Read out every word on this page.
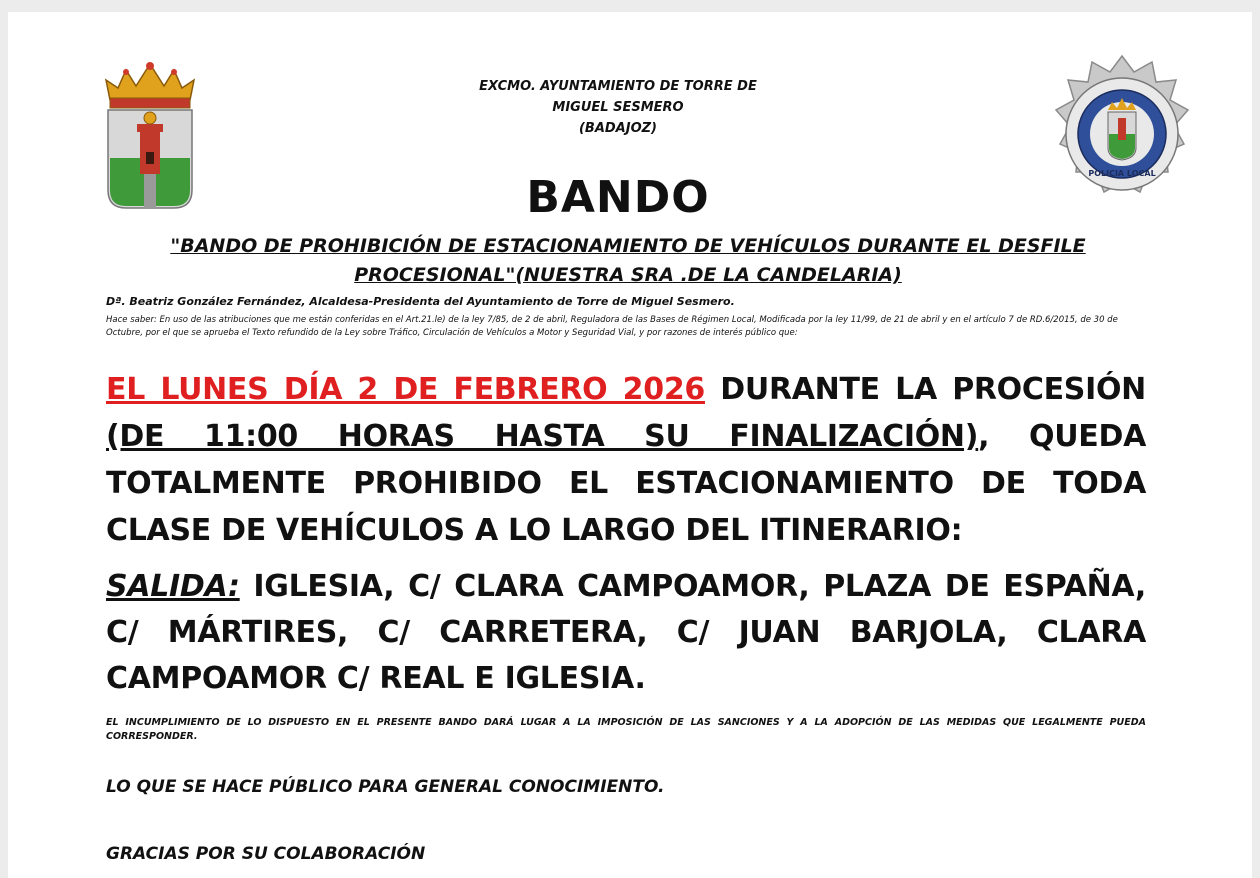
POLICIA LOCAL
EXCMO. AYUNTAMIENTO DE TORRE DE
MIGUEL SESMERO
(BADAJOZ)
BANDO
"BANDO DE PROHIBICIÓN DE ESTACIONAMIENTO DE VEHÍCULOS DURANTE EL DESFILE
PROCESIONAL"(NUESTRA SRA .DE LA CANDELARIA)
Dª. Beatriz González Fernández, Alcaldesa-Presidenta del Ayuntamiento de Torre de Miguel Sesmero.
Hace saber: En uso de las atribuciones que me están conferidas en el Art.21.le) de la ley 7/85, de 2 de abril, Reguladora de las Bases de Régimen Local, Modificada por la ley 11/99, de 21 de abril y en el artículo 7 de RD.6/2015, de 30 de Octubre, por el que se aprueba el Texto refundido de la Ley sobre Tráfico, Circulación de Vehículos a Motor y Seguridad Vial, y por razones de interés público que:
EL LUNES DÍA 2 DE FEBRERO 2026 DURANTE LA PROCESIÓN (DE 11:00 HORAS HASTA SU FINALIZACIÓN), QUEDA TOTALMENTE PROHIBIDO EL ESTACIONAMIENTO DE TODA CLASE DE VEHÍCULOS A LO LARGO DEL ITINERARIO:
SALIDA: IGLESIA, C/ CLARA CAMPOAMOR, PLAZA DE ESPAÑA, C/ MÁRTIRES, C/ CARRETERA, C/ JUAN BARJOLA, CLARA CAMPOAMOR C/ REAL E IGLESIA.
EL INCUMPLIMIENTO DE LO DISPUESTO EN EL PRESENTE BANDO DARÁ LUGAR A LA IMPOSICIÓN DE LAS SANCIONES Y A LA ADOPCIÓN DE LAS MEDIDAS QUE LEGALMENTE PUEDA CORRESPONDER.
LO QUE SE HACE PÚBLICO PARA GENERAL CONOCIMIENTO.
GRACIAS POR SU COLABORACIÓN
